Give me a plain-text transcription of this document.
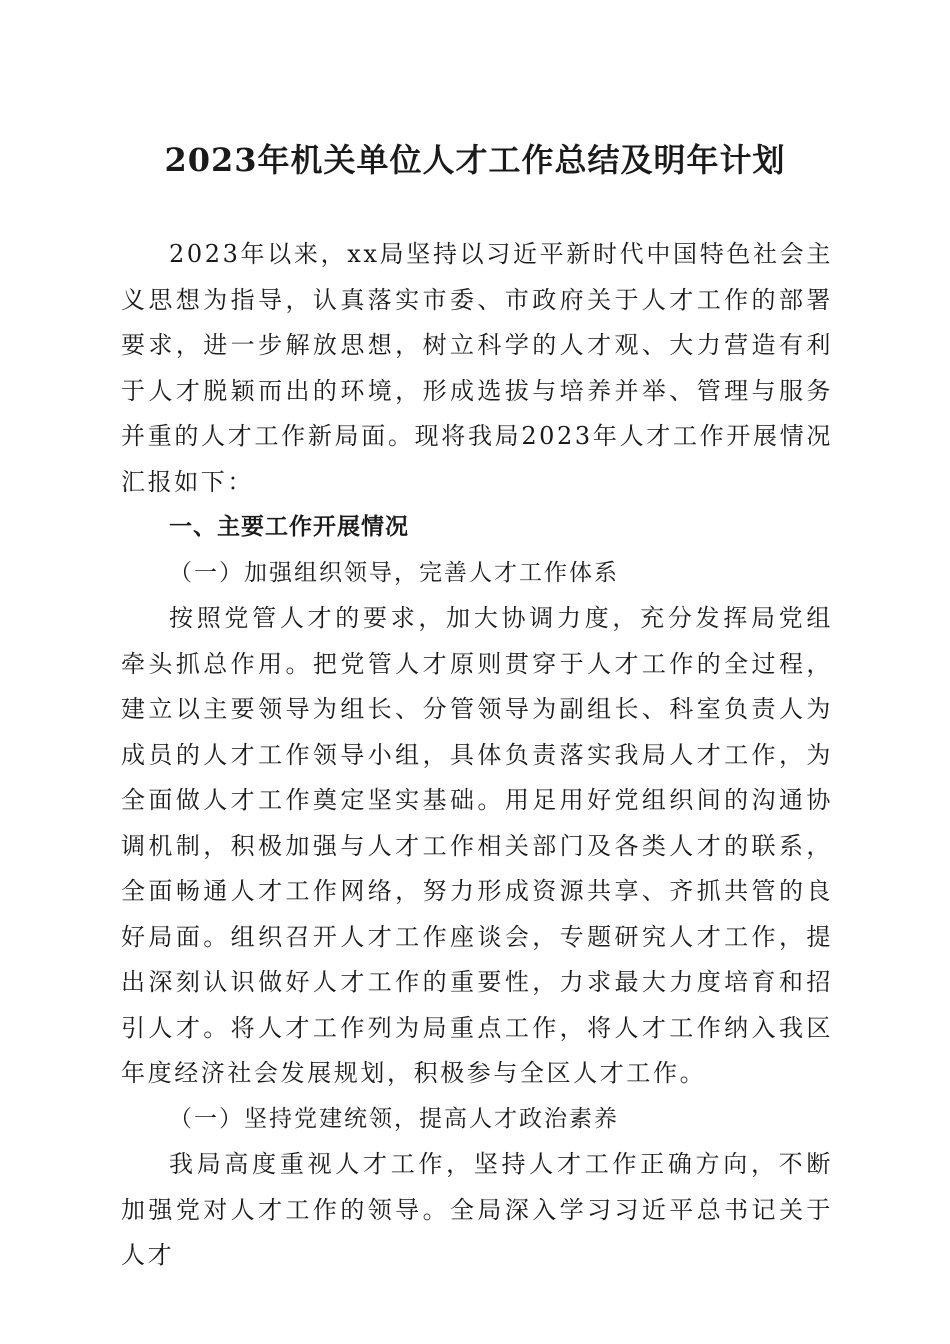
2023年机关单位人才工作总结及明年计划

2023年以来，xx局坚持以习近平新时代中国特色社会主义思想为指导，认真落实市委、市政府关于人才工作的部署要求，进一步解放思想，树立科学的人才观、大力营造有利于人才脱颖而出的环境，形成选拔与培养并举、管理与服务并重的人才工作新局面。现将我局2023年人才工作开展情况汇报如下：

一、主要工作开展情况

（一）加强组织领导，完善人才工作体系

按照党管人才的要求，加大协调力度，充分发挥局党组牵头抓总作用。把党管人才原则贯穿于人才工作的全过程，建立以主要领导为组长、分管领导为副组长、科室负责人为成员的人才工作领导小组，具体负责落实我局人才工作，为全面做人才工作奠定坚实基础。用足用好党组织间的沟通协调机制，积极加强与人才工作相关部门及各类人才的联系，全面畅通人才工作网络，努力形成资源共享、齐抓共管的良好局面。组织召开人才工作座谈会，专题研究人才工作，提出深刻认识做好人才工作的重要性，力求最大力度培育和招引人才。将人才工作列为局重点工作，将人才工作纳入我区年度经济社会发展规划，积极参与全区人才工作。

（一）坚持党建统领，提高人才政治素养

我局高度重视人才工作，坚持人才工作正确方向，不断加强党对人才工作的领导。全局深入学习习近平总书记关于人才
